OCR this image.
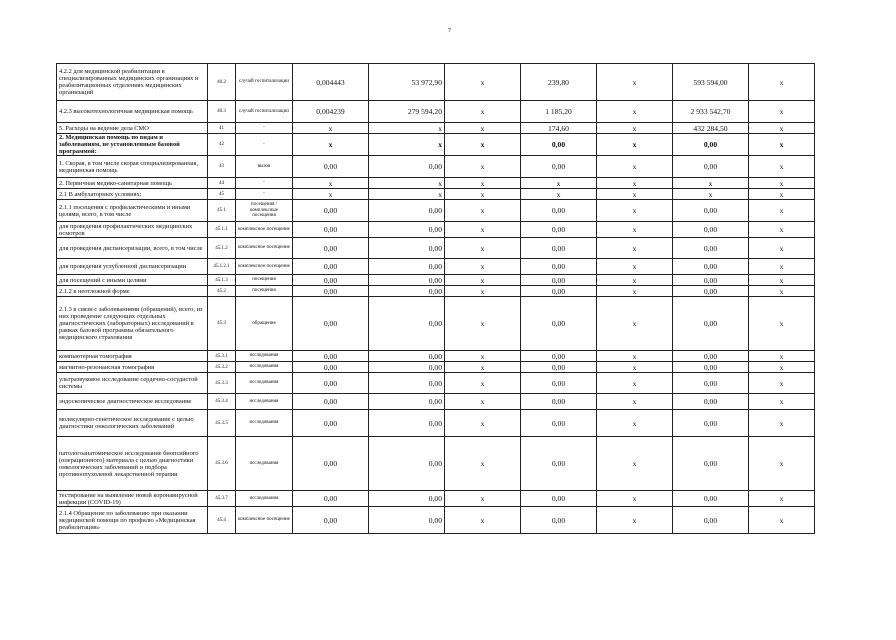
7
4.2.2 для медицинской реабилитации в специализированных медицинских организациях и реабилитационных отделениях медицинских организаций	40.2	случай госпитализации	0,004443	53 972,90	x	239,80	x	593 594,00	x
4.2.3 высокотехнологичная медицинская помощь	40.3	случай госпитализации	0,004239	279 594,20	x	1 185,20	x	2 933 542,70	x
5. Расходы на ведение дела СМО	41	-	x	x	x	174,60	x	432 284,50	x
2. Медицинская помощь по видам и заболеваниям, не установленным базовой программой:	42	-	x	x	x	0,00	x	0,00	x
1. Скорая, в том числе скорая специализированная, медицинская помощь	43	вызов	0,00	0,00	x	0,00	x	0,00	x
2. Первичная медико-санитарная помощь	44	-	x	x	x	x	x	x	x
2.1 В амбулаторных условиях:	45	-	x	x	x	x	x	x	x
2.1.1 посещения с профилактическими и иными целями, всего, в том числе	45.1	посещения / комплексные посещения	0,00	0,00	x	0,00	x	0,00	x
для проведения профилактических медицинских осмотров	45.1.1	комплексное посещение	0,00	0,00	x	0,00	x	0,00	x
для проведения диспансеризации, всего, в том числе	45.1.2	комплексное посещение	0,00	0,00	x	0,00	x	0,00	x
для проведения углубленной диспансеризации	45.1.2.1	комплексное посещение	0,00	0,00	x	0,00	x	0,00	x
для посещений с иными целями	45.1.3	посещения	0,00	0,00	x	0,00	x	0,00	x
2.1.2 в неотложной форме	45.2	посещения	0,00	0,00	x	0,00	x	0,00	x
2.1.3 в связи с заболеваниями (обращений), всего, из них проведение следующих отдельных диагностических (лабораторных) исследований в рамках базовой программы обязательного медицинского страхования	45.3	обращение	0,00	0,00	x	0,00	x	0,00	x
компьютерная томография	45.3.1	исследования	0,00	0,00	x	0,00	x	0,00	x
магнитно-резонансная томография	45.3.2	исследования	0,00	0,00	x	0,00	x	0,00	x
ультразвуковое исследование сердечно-сосудистой системы	45.3.3	исследования	0,00	0,00	x	0,00	x	0,00	x
эндоскопическое диагностическое исследование	45.3.4	исследования	0,00	0,00	x	0,00	x	0,00	x
молекулярно-генетическое исследование с целью диагностики онкологических заболеваний	45.3.5	исследования	0,00	0,00	x	0,00	x	0,00	x
патологоанатомическое исследование биопсийного (операционного) материала с целью диагностики онкологических заболеваний и подбора противоопухолевой лекарственной терапии	45.3.6	исследования	0,00	0,00	x	0,00	x	0,00	x
тестирование на выявление новой коронавирусной инфекции (COVID-19)	45.3.7	исследования	0,00	0,00	x	0,00	x	0,00	x
2.1.4 Обращение по заболеванию при оказании медицинской помощи по профилю «Медицинская реабилитация»	45.4	комплексное посещение	0,00	0,00	x	0,00	x	0,00	x
